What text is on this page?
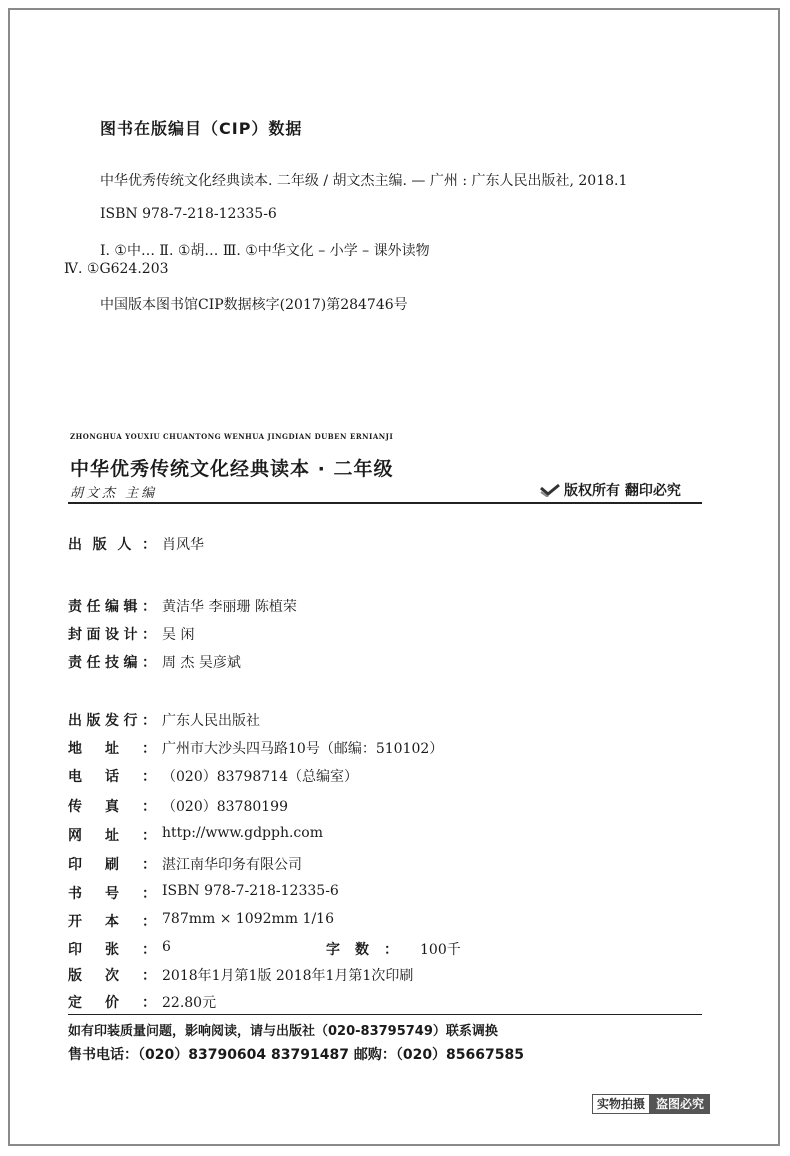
图书在版编目（CIP）数据
中华优秀传统文化经典读本. 二年级 / 胡文杰主编. — 广州 : 广东人民出版社, 2018.1
ISBN 978-7-218-12335-6
Ⅰ. ①中… Ⅱ. ①胡… Ⅲ. ①中华文化 – 小学 – 课外读物
Ⅳ. ①G624.203
中国版本图书馆CIP数据核字(2017)第284746号
ZHONGHUA YOUXIU CHUANTONG WENHUA JINGDIAN DUBEN ERNIANJI
中华优秀传统文化经典读本 · 二年级
胡文杰 主编	版权所有 翻印必究
出版人： 肖风华
责任编辑： 黄洁华 李丽珊 陈植荣
封面设计： 吴 闲
责任技编： 周 杰 吴彦斌
出版发行： 广东人民出版社
地址： 广州市大沙头四马路10号（邮编：510102）
电话： （020）83798714（总编室）
传真： （020）83780199
网址： http://www.gdpph.com
印刷： 湛江南华印务有限公司
书号： ISBN 978-7-218-12335-6
开本： 787mm × 1092mm 1/16
印张： 6	字数： 100千
版次： 2018年1月第1版 2018年1月第1次印刷
定价： 22.80元
如有印装质量问题，影响阅读，请与出版社（020-83795749）联系调换
售书电话：（020）83790604 83791487 邮购：（020）85667585
实物拍摄 盗图必究
